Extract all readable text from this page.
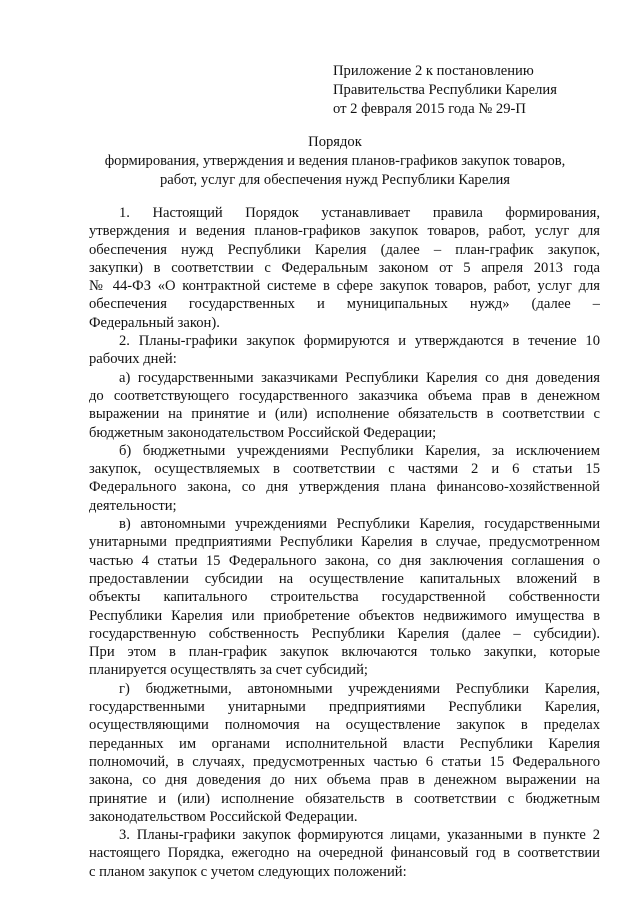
Приложение 2 к постановлению
Правительства Республики Карелия
от 2 февраля 2015 года № 29-П
Порядок
формирования, утверждения и ведения планов-графиков закупок товаров,
работ, услуг для обеспечения нужд Республики Карелия
1. Настоящий Порядок устанавливает правила формирования,
утверждения и ведения планов-графиков закупок товаров, работ, услуг для
обеспечения нужд Республики Карелия (далее – план-график закупок,
закупки) в соответствии с Федеральным законом от 5 апреля 2013 года
№ 44-ФЗ «О контрактной системе в сфере закупок товаров, работ, услуг для
обеспечения государственных и муниципальных нужд» (далее –
Федеральный закон).
2. Планы-графики закупок формируются и утверждаются в течение 10
рабочих дней:
а) государственными заказчиками Республики Карелия со дня доведения
до соответствующего государственного заказчика объема прав в денежном
выражении на принятие и (или) исполнение обязательств в соответствии с
бюджетным законодательством Российской Федерации;
б) бюджетными учреждениями Республики Карелия, за исключением
закупок, осуществляемых в соответствии с частями 2 и 6 статьи 15
Федерального закона, со дня утверждения плана финансово-хозяйственной
деятельности;
в) автономными учреждениями Республики Карелия, государственными
унитарными предприятиями Республики Карелия в случае, предусмотренном
частью 4 статьи 15 Федерального закона, со дня заключения соглашения о
предоставлении субсидии на осуществление капитальных вложений в
объекты капитального строительства государственной собственности
Республики Карелия или приобретение объектов недвижимого имущества в
государственную собственность Республики Карелия (далее – субсидии).
При этом в план-график закупок включаются только закупки, которые
планируется осуществлять за счет субсидий;
г) бюджетными, автономными учреждениями Республики Карелия,
государственными унитарными предприятиями Республики Карелия,
осуществляющими полномочия на осуществление закупок в пределах
переданных им органами исполнительной власти Республики Карелия
полномочий, в случаях, предусмотренных частью 6 статьи 15 Федерального
закона, со дня доведения до них объема прав в денежном выражении на
принятие и (или) исполнение обязательств в соответствии с бюджетным
законодательством Российской Федерации.
3. Планы-графики закупок формируются лицами, указанными в пункте 2
настоящего Порядка, ежегодно на очередной финансовый год в соответствии
с планом закупок с учетом следующих положений:
